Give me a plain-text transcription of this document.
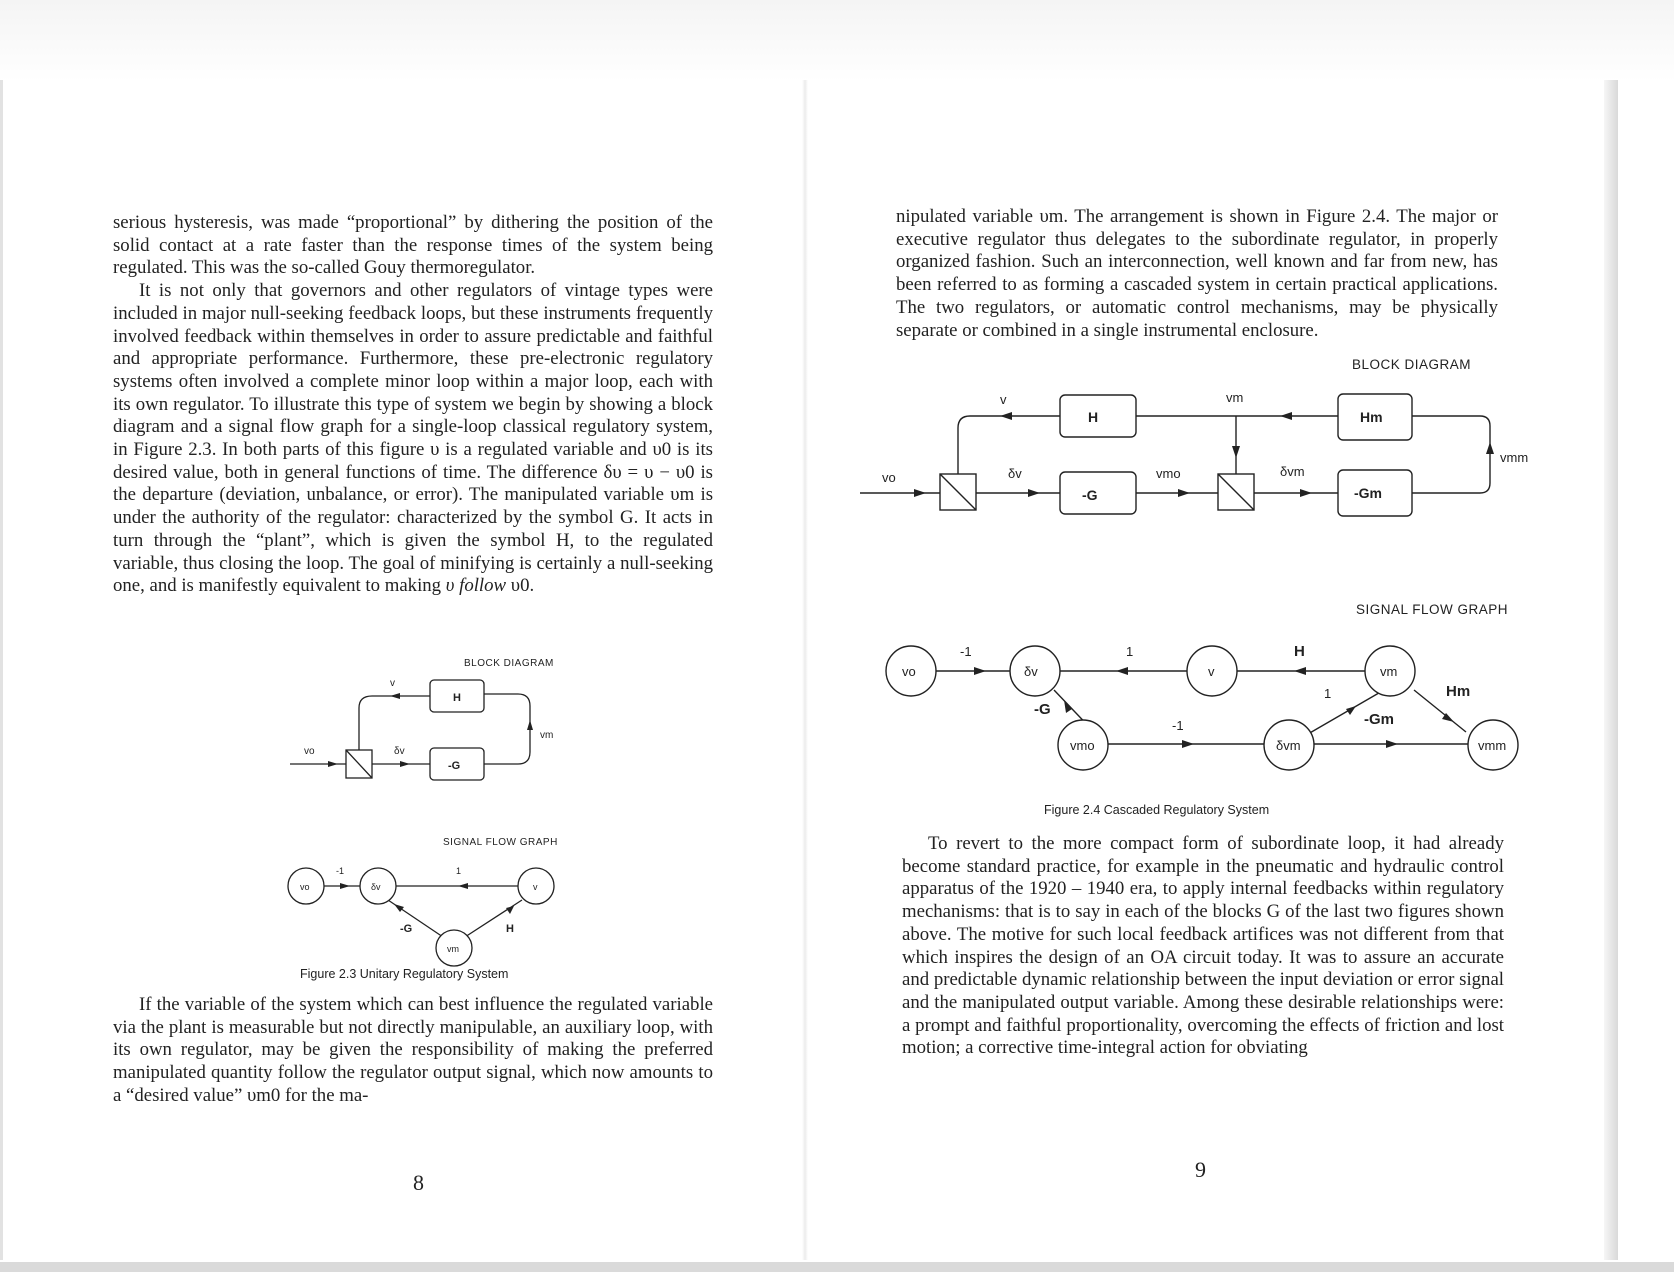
serious hysteresis, was made “proportional” by dithering the position of the solid contact at a rate faster than the response times of the system being regulated. This was the so-called Gouy thermoregulator.

It is not only that governors and other regulators of vintage types were included in major null-seeking feedback loops, but these instruments frequently involved feedback within themselves in order to assure predictable and faithful and appropriate performance. Furthermore, these pre-electronic regulatory systems often involved a complete minor loop within a major loop, each with its own regulator. To illustrate this type of system we begin by showing a block diagram and a signal flow graph for a single-loop classical regulatory system, in Figure 2.3. In both parts of this figure υ is a regulated variable and υ0 is its desired value, both in general functions of time. The difference δυ = υ − υ0 is the departure (deviation, unbalance, or error). The manipulated variable υm is under the authority of the regulator: characterized by the symbol G. It acts in turn through the “plant”, which is given the symbol H, to the regulated variable, thus closing the loop. The goal of minifying is certainly a null-seeking one, and is manifestly equivalent to making υ follow υ0.

BLOCK DIAGRAM
vo	δv
v
vm
H
-G
SIGNAL FLOW GRAPH
vo	δv	v
vm
-1	1
-G	H
Figure 2.3 Unitary Regulatory System

If the variable of the system which can best influence the regulated variable via the plant is measurable but not directly manipulable, an auxiliary loop, with its own regulator, may be given the responsibility of making the preferred manipulated quantity follow the regulator output signal, which now amounts to a “desired value” υm0 for the ma-

8

nipulated variable υm. The arrangement is shown in Figure 2.4. The major or executive regulator thus delegates to the subordinate regulator, in properly organized fashion. Such an interconnection, well known and far from new, has been referred to as forming a cascaded system in certain practical applications. The two regulators, or automatic control mechanisms, may be physically separate or combined in a single instrumental enclosure.

BLOCK DIAGRAM
vo	δv
v	vm
vmo	δvm
vmm
H
-G
Hm
-Gm
SIGNAL FLOW GRAPH
vo	δv	v	vm
vmo	δvm	vmm
-1	1	H
-G
1
-Gm
Hm
-1
Figure 2.4 Cascaded Regulatory System

To revert to the more compact form of subordinate loop, it had already become standard practice, for example in the pneumatic and hydraulic control apparatus of the 1920 – 1940 era, to apply internal feedbacks within regulatory mechanisms: that is to say in each of the blocks G of the last two figures shown above. The motive for such local feedback artifices was not different from that which inspires the design of an OA circuit today. It was to assure an accurate and predictable dynamic relationship between the input deviation or error signal and the manipulated output variable. Among these desirable relationships were: a prompt and faithful proportionality, overcoming the effects of friction and lost motion; a corrective time-integral action for obviating

9
